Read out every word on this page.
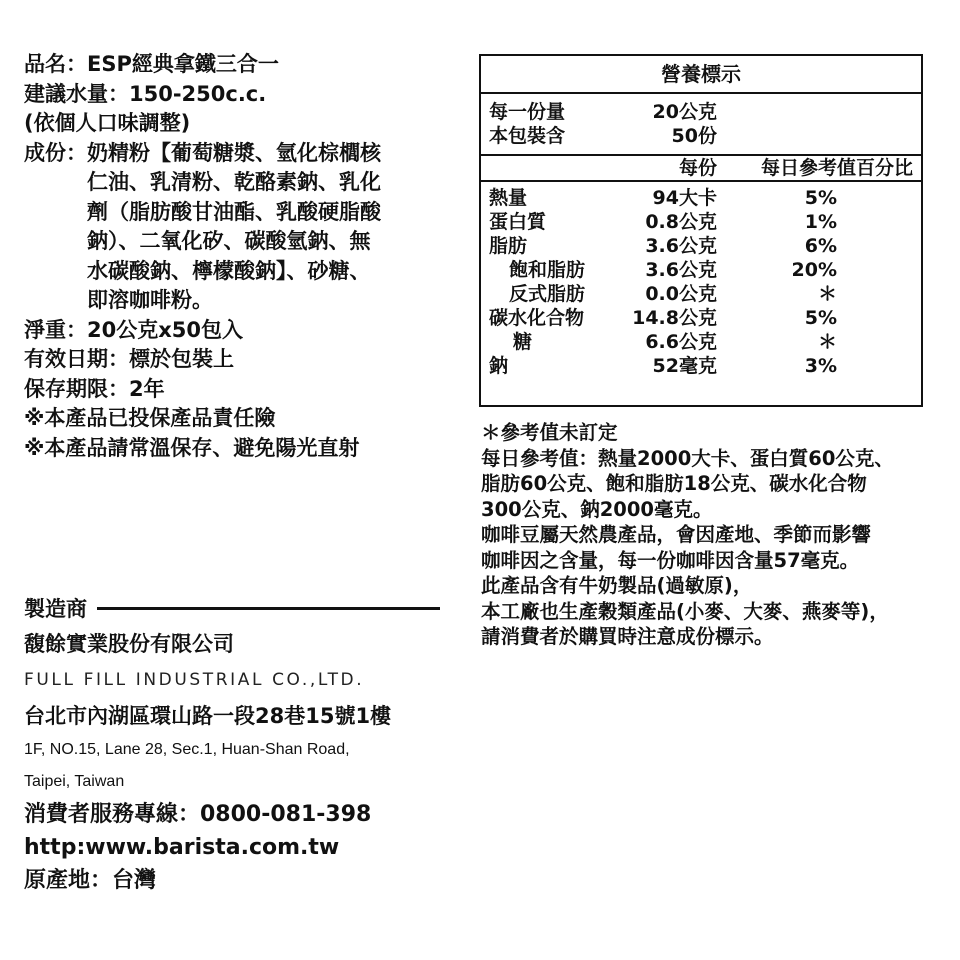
品名：ESP經典拿鐵三合一
建議水量：150-250c.c.
(依個人口味調整)
成份： 奶精粉【葡萄糖漿、氫化棕櫚核
仁油、乳清粉、乾酪素鈉、乳化
劑（脂肪酸甘油酯、乳酸硬脂酸
鈉）、二氧化矽、碳酸氫鈉、無
水碳酸鈉、檸檬酸鈉】、砂糖、
即溶咖啡粉。
淨重：20公克x50包入
有效日期：標於包裝上
保存期限：2年
※本產品已投保產品責任險
※本產品請常溫保存、避免陽光直射
製造商
馥餘實業股份有限公司
FULL FILL INDUSTRIAL CO.,LTD.
台北市內湖區環山路一段28巷15號1樓
1F, NO.15, Lane 28, Sec.1, Huan-Shan Road,
Taipei, Taiwan
消費者服務專線：0800-081-398
http:www.barista.com.tw
原產地：台灣
營養標示
每一份量	20公克
本包裝含	50份
每份 每日參考值百分比
熱量	94大卡	5%
蛋白質	0.8公克	1%
脂肪	3.6公克	6%
飽和脂肪	3.6公克	20%
反式脂肪	0.0公克	＊
碳水化合物	14.8公克	5%
糖	6.6公克	＊
鈉	52毫克	3%
＊參考值未訂定
每日參考值：熱量2000大卡、蛋白質60公克、
脂肪60公克、飽和脂肪18公克、碳水化合物
300公克、鈉2000毫克。
咖啡豆屬天然農產品，會因產地、季節而影響
咖啡因之含量，每一份咖啡因含量57毫克。
此產品含有牛奶製品(過敏原)，
本工廠也生產穀類產品(小麥、大麥、燕麥等)，
請消費者於購買時注意成份標示。
